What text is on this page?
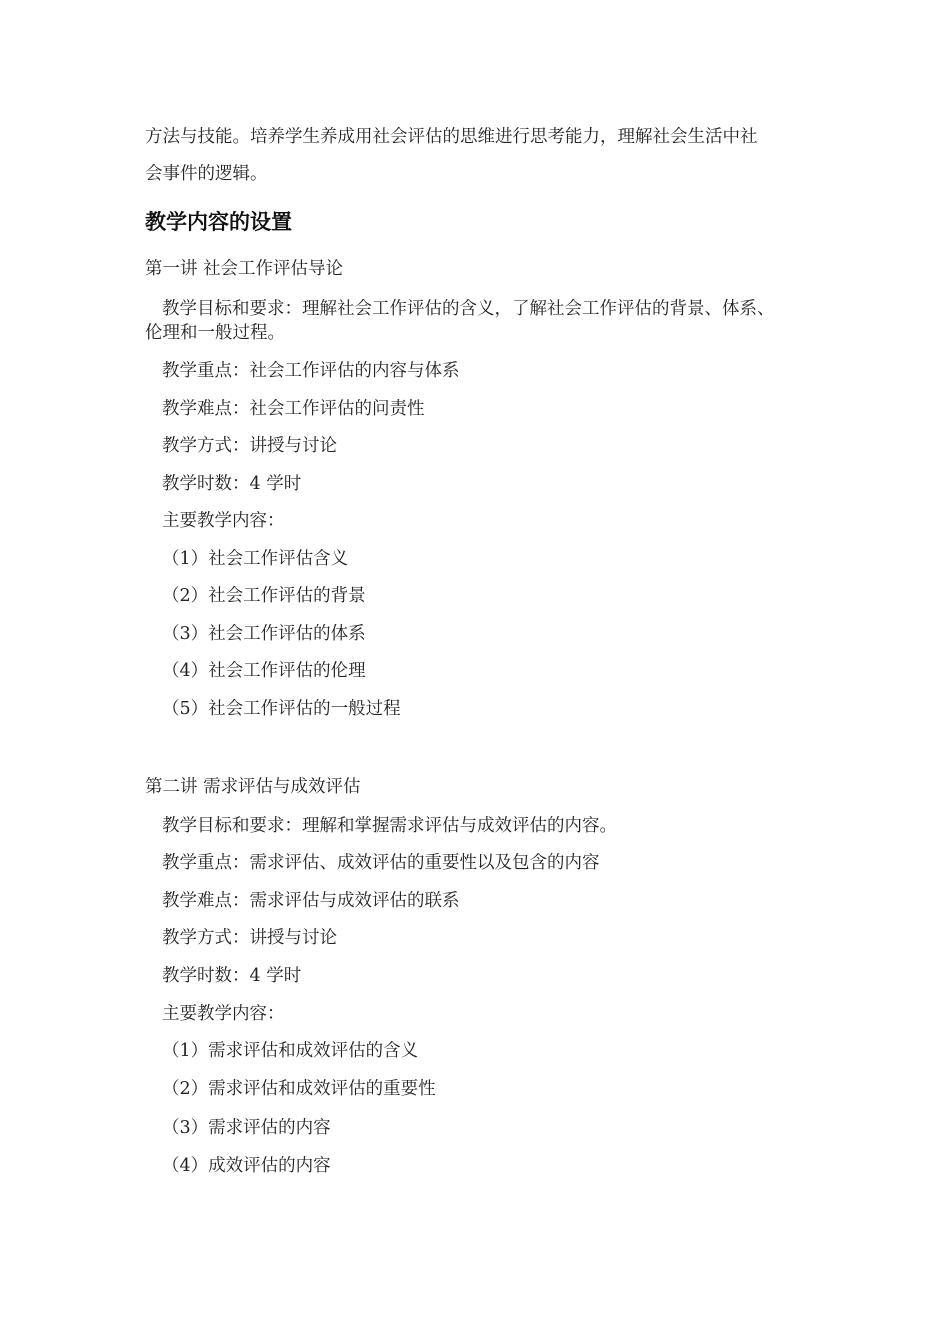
方法与技能。培养学生养成用社会评估的思维进行思考能力，理解社会生活中社

会事件的逻辑。

教学内容的设置

第一讲 社会工作评估导论

教学目标和要求：理解社会工作评估的含义，了解社会工作评估的背景、体系、

伦理和一般过程。

教学重点：社会工作评估的内容与体系

教学难点：社会工作评估的问责性

教学方式：讲授与讨论

教学时数：4 学时

主要教学内容：

（1）社会工作评估含义

（2）社会工作评估的背景

（3）社会工作评估的体系

（4）社会工作评估的伦理

（5）社会工作评估的一般过程

第二讲 需求评估与成效评估

教学目标和要求：理解和掌握需求评估与成效评估的内容。

教学重点：需求评估、成效评估的重要性以及包含的内容

教学难点：需求评估与成效评估的联系

教学方式：讲授与讨论

教学时数：4 学时

主要教学内容：

（1）需求评估和成效评估的含义

（2）需求评估和成效评估的重要性

（3）需求评估的内容

（4）成效评估的内容
